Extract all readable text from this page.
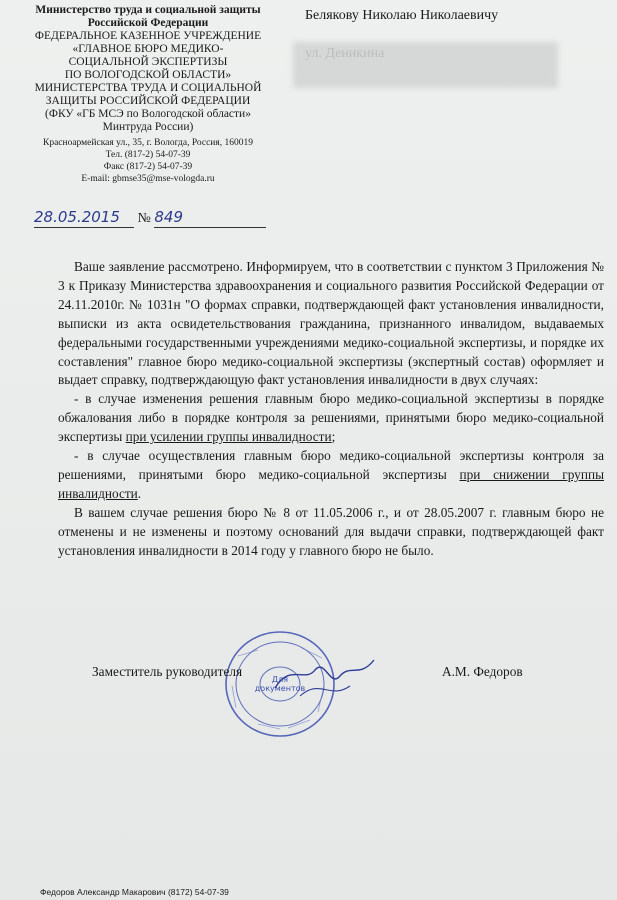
Министерство труда и социальной защиты
Российской Федерации
ФЕДЕРАЛЬНОЕ КАЗЕННОЕ УЧРЕЖДЕНИЕ
«ГЛАВНОЕ БЮРО МЕДИКО-
СОЦИАЛЬНОЙ ЭКСПЕРТИЗЫ
ПО ВОЛОГОДСКОЙ ОБЛАСТИ»
МИНИСТЕРСТВА ТРУДА И СОЦИАЛЬНОЙ
ЗАЩИТЫ РОССИЙСКОЙ ФЕДЕРАЦИИ
(ФКУ «ГБ МСЭ по Вологодской области»
Минтруда России)
Красноармейская ул., 35, г. Вологда, Россия, 160019
Тел. (817-2) 54-07-39
Факс (817-2) 54-07-39
E-mail: gbmse35@mse-vologda.ru
Белякову Николаю Николаевичу
28.05.2015 № 849

Ваше заявление рассмотрено. Информируем, что в соответствии с пунктом 3 Приложения № 3 к Приказу Министерства здравоохранения и социального развития Российской Федерации от 24.11.2010г. № 1031н "О формах справки, подтверждающей факт установления инвалидности, выписки из акта освидетельствования гражданина, признанного инвалидом, выдаваемых федеральными государственными учреждениями медико-социальной экспертизы, и порядке их составления" главное бюро медико-социальной экспертизы (экспертный состав) оформляет и выдает справку, подтверждающую факт установления инвалидности в двух случаях:

- в случае изменения решения главным бюро медико-социальной экспертизы в порядке обжалования либо в порядке контроля за решениями, принятыми бюро медико-социальной экспертизы при усилении группы инвалидности;

- в случае осуществления главным бюро медико-социальной экспертизы контроля за решениями, принятыми бюро медико-социальной экспертизы при снижении группы инвалидности.

В вашем случае решения бюро № 8 от 11.05.2006 г., и от 28.05.2007 г. главным бюро не отменены и не изменены и поэтому оснований для выдачи справки, подтверждающей факт установления инвалидности в 2014 году у главного бюро не было.

Для
документов
Заместитель руководителя	А.М. Федоров
Федоров Александр Макарович (8172) 54-07-39
